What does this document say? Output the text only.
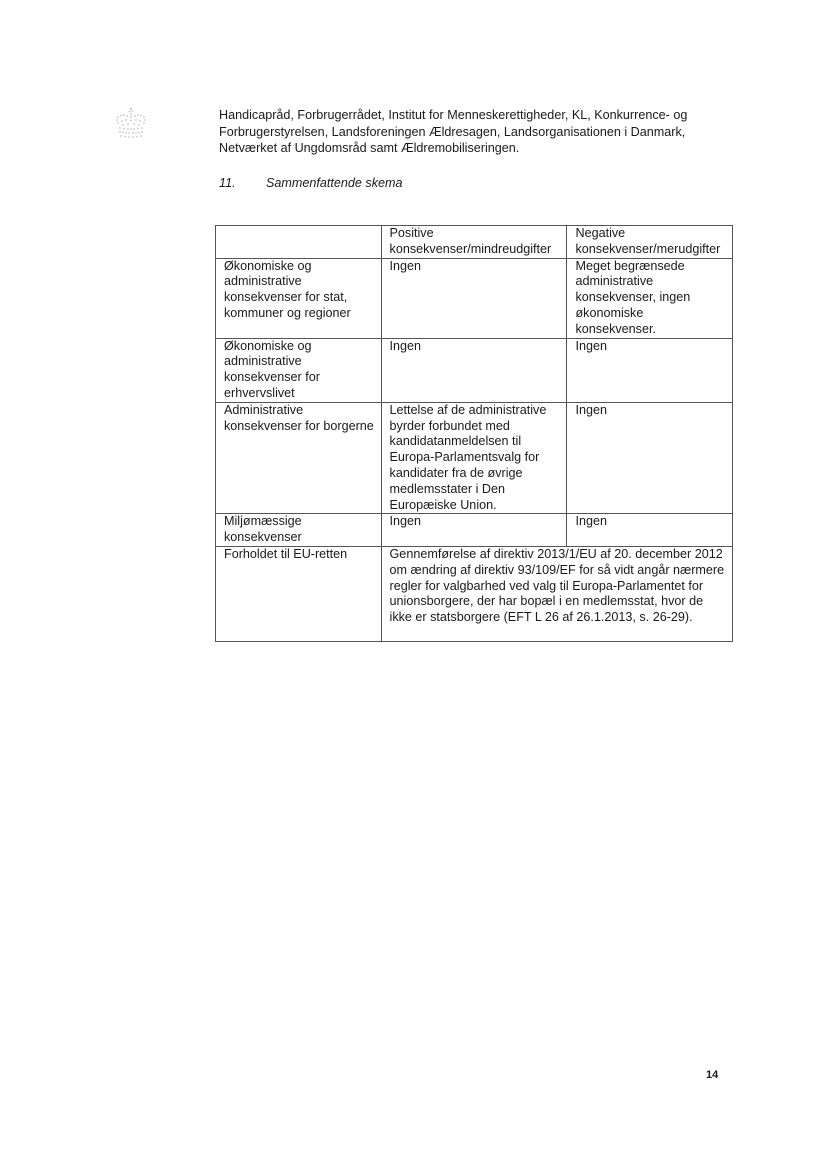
Handicapråd, Forbrugerrådet, Institut for Menneskerettigheder, KL, Konkurrence- og Forbrugerstyrelsen, Landsforeningen Ældresagen, Landsorganisationen i Danmark, Netværket af Ungdomsråd samt Ældremobiliseringen.

11.	Sammenfattende skema
	Positive konsekvenser/mindreudgifter	Negative konsekvenser/merudgifter
Økonomiske og administrative konsekvenser for stat, kommuner og regioner	Ingen	Meget begrænsede administrative konsekvenser, ingen økonomiske konsekvenser.
Økonomiske og administrative konsekvenser for erhvervslivet	Ingen	Ingen
Administrative konsekvenser for borgerne	Lettelse af de administrative byrder forbundet med kandidatanmeldelsen til Europa-Parlamentsvalg for kandidater fra de øvrige medlemsstater i Den Europæiske Union.	Ingen
Miljømæssige konsekvenser	Ingen	Ingen
Forholdet til EU-retten	Gennemførelse af direktiv 2013/1/EU af 20. december 2012 om ændring af direktiv 93/109/EF for så vidt angår nærmere regler for valgbarhed ved valg til Europa-Parlamentet for unionsborgere, der har bopæl i en medlemsstat, hvor de ikke er statsborgere (EFT L 26 af 26.1.2013, s. 26-29).	

14
